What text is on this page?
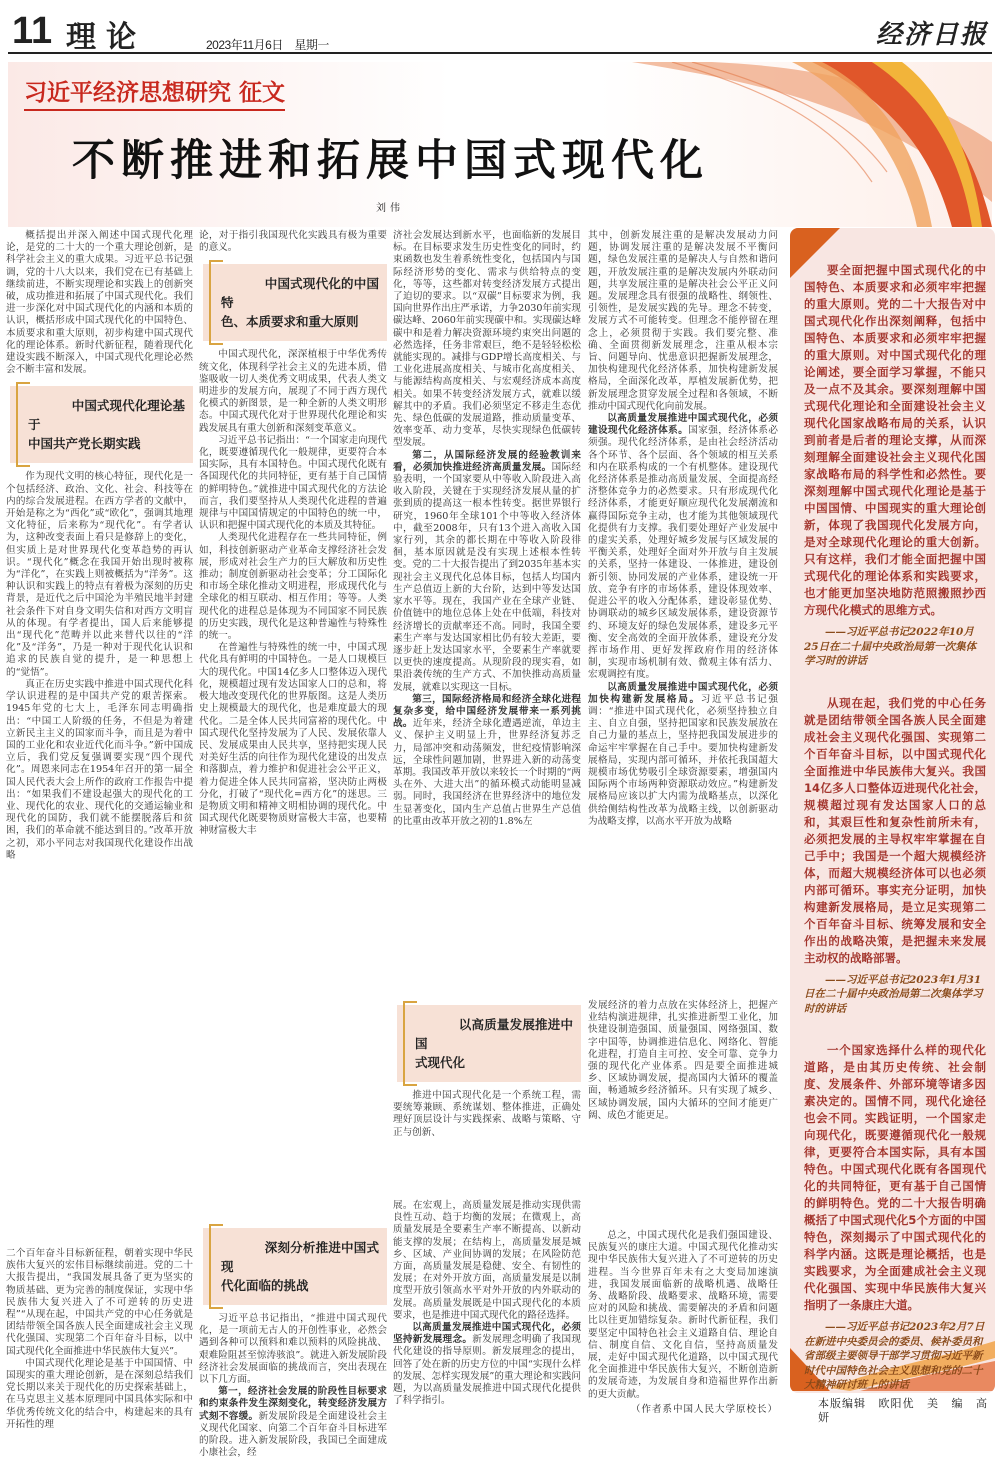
11 理论	2023年11月6日　星期一	经济日报
习近平经济思想研究 征文
不断推进和拓展中国式现代化
刘伟

概括提出并深入阐述中国式现代化理论，是党的二十大的一个重大理论创新，是科学社会主义的重大成果。习近平总书记强调，党的十八大以来，我们党在已有基础上继续前进，不断实现理论和实践上的创新突破，成功推进和拓展了中国式现代化。我们进一步深化对中国式现代化的内涵和本质的认识，概括形成中国式现代化的中国特色、本质要求和重大原则，初步构建中国式现代化的理论体系。新时代新征程，随着现代化建设实践不断深入，中国式现代化理论必然会不断丰富和发展。

中国式现代化理论基于
中国共产党长期实践

作为现代文明的核心特征，现代化是一个包括经济、政治、文化、社会、科技等在内的综合发展进程。在西方学者的文献中，开始是称之为“西化”或“欧化”，强调其地理文化特征，后来称为“现代化”。有学者认为，这种改变表面上看只是修辞上的变化，但实质上是对世界现代化变革趋势的再认识。“现代化”概念在我国开始出现时被称为“洋化”，在实践上则被概括为“洋务”。这种认识和实践上的特点有着极为深刻的历史背景，是近代之后中国沦为半殖民地半封建社会条件下对自身文明失信和对西方文明盲从的体现。有学者提出，国人后来能够提出“现代化”范畴并以此来替代以往的“洋化”及“洋务”，乃是一种对于现代化认识和追求的民族自觉的提升，是一种思想上的“觉悟”。

真正在历史实践中推进中国式现代化科学认识进程的是中国共产党的艰苦探索。1945年党的七大上，毛泽东同志明确指出：“中国工人阶级的任务，不但是为着建立新民主主义的国家而斗争，而且是为着中国的工业化和农业近代化而斗争。”新中国成立后，我们党反复强调要实现“四个现代化”。周恩来同志在1954年召开的第一届全国人民代表大会上所作的政府工作报告中提出：“如果我们不建设起强大的现代化的工业、现代化的农业、现代化的交通运输业和现代化的国防，我们就不能摆脱落后和贫困，我们的革命就不能达到目的。”改革开放之初，邓小平同志对我国现代化建设作出战略

二个百年奋斗目标新征程，朝着实现中华民族伟大复兴的宏伟目标继续前进。党的二十大报告提出，“我国发展具备了更为坚实的物质基础、更为完善的制度保证，实现中华民族伟大复兴进入了不可逆转的历史进程”“从现在起，中国共产党的中心任务就是团结带领全国各族人民全面建成社会主义现代化强国、实现第二个百年奋斗目标，以中国式现代化全面推进中华民族伟大复兴”。

中国式现代化理论是基于中国国情、中国现实的重大理论创新，是在深刻总结我们党长期以来关于现代化的历史探索基础上，在马克思主义基本原理同中国具体实际和中华优秀传统文化的结合中，构建起来的具有开拓性的理

论，对于指引我国现代化实践具有极为重要的意义。

中国式现代化的中国特
色、本质要求和重大原则

中国式现代化，深深植根于中华优秀传统文化，体现科学社会主义的先进本质，借鉴吸收一切人类优秀文明成果，代表人类文明进步的发展方向，展现了不同于西方现代化模式的新图景，是一种全新的人类文明形态。中国式现代化对于世界现代化理论和实践发展具有重大创新和深刻变革意义。

习近平总书记指出：“一个国家走向现代化，既要遵循现代化一般规律，更要符合本国实际，具有本国特色。中国式现代化既有各国现代化的共同特征，更有基于自己国情的鲜明特色。”就推进中国式现代化的方法论而言，我们要坚持从人类现代化进程的普遍规律与中国国情规定的中国特色的统一中，认识和把握中国式现代化的本质及其特征。

人类现代化进程存在一些共同特征，例如，科技创新驱动产业革命支撑经济社会发展，形成对社会生产力的巨大解放和历史性推动；制度创新驱动社会变革；分工国际化和市场全球化推动文明进程，形成现代化与全球化的相互联动、相互作用；等等。人类现代化的进程总是体现为不同国家不同民族的历史实践，现代化是这种普遍性与特殊性的统一。

在普遍性与特殊性的统一中，中国式现代化具有鲜明的中国特色。一是人口规模巨大的现代化。中国14亿多人口整体迈入现代化，规模超过现有发达国家人口的总和，将极大地改变现代化的世界版图。这是人类历史上规模最大的现代化，也是难度最大的现代化。二是全体人民共同富裕的现代化。中国式现代化坚持发展为了人民、发展依靠人民、发展成果由人民共享，坚持把实现人民对美好生活的向往作为现代化建设的出发点和落脚点，着力维护和促进社会公平正义，着力促进全体人民共同富裕，坚决防止两极分化，打破了“现代化=西方化”的迷思。三是物质文明和精神文明相协调的现代化。中国式现代化既要物质财富极大丰富，也要精神财富极大丰

深刻分析推进中国式现
代化面临的挑战

习近平总书记指出，“推进中国式现代化，是一项前无古人的开创性事业，必然会遇到各种可以预料和难以预料的风险挑战、艰难险阻甚至惊涛骇浪”。就进入新发展阶段经济社会发展面临的挑战而言，突出表现在以下几方面。

第一，经济社会发展的阶段性目标要求和约束条件发生深刻变化，转变经济发展方式刻不容缓。新发展阶段是全面建设社会主义现代化国家、向第二个百年奋斗目标进军的阶段。进入新发展阶段，我国已全面建成小康社会，经

济社会发展达到新水平，也面临新的发展目标。在目标要求发生历史性变化的同时，约束函数也发生着系统性变化，包括国内与国际经济形势的变化、需求与供给特点的变化，等等，这些都对转变经济发展方式提出了迫切的要求。以“双碳”目标要求为例，我国向世界作出庄严承诺，力争2030年前实现碳达峰、2060年前实现碳中和。实现碳达峰碳中和是着力解决资源环境约束突出问题的必然选择，任务非常艰巨，绝不是轻轻松松就能实现的。减排与GDP增长高度相关、与工业化进展高度相关、与城市化高度相关、与能源结构高度相关、与宏观经济成本高度相关。如果不转变经济发展方式，就难以缓解其中的矛盾。我们必须坚定不移走生态优先、绿色低碳的发展道路，推动质量变革、效率变革、动力变革，尽快实现绿色低碳转型发展。

第二，从国际经济发展的经验教训来看，必须加快推进经济高质量发展。国际经验表明，一个国家要从中等收入阶段进入高收入阶段，关键在于实现经济发展从量的扩张到质的提高这一根本性转变。据世界银行研究，1960年全球101个中等收入经济体中，截至2008年，只有13个进入高收入国家行列，其余的都长期在中等收入阶段徘徊，基本原因就是没有实现上述根本性转变。党的二十大报告提出了到2035年基本实现社会主义现代化总体目标，包括人均国内生产总值迈上新的大台阶，达到中等发达国家水平等。现在，我国产业在全球产业链、价值链中的地位总体上处在中低端，科技对经济增长的贡献率还不高。同时，我国全要素生产率与发达国家相比仍有较大差距，要逐步赶上发达国家水平，全要素生产率就要以更快的速度提高。从现阶段的现实看，如果沿袭传统的生产方式、不加快推动高质量发展，就难以实现这一目标。

第三，国际经济格局和经济全球化进程复杂多变，给中国经济发展带来一系列挑战。近年来，经济全球化遭遇逆流，单边主义、保护主义明显上升，世界经济复苏乏力，局部冲突和动荡频发，世纪疫情影响深远，全球性问题加剧，世界进入新的动荡变革期。我国改革开放以来较长一个时期的“两头在外、大进大出”的循环模式动能明显减弱。同时，我国经济在世界经济中的地位发生显著变化，国内生产总值占世界生产总值的比重由改革开放之初的1.8%左

以高质量发展推进中国
式现代化

推进中国式现代化是一个系统工程，需要统筹兼顾、系统谋划、整体推进，正确处理好顶层设计与实践探索、战略与策略、守正与创新、

展。在宏观上，高质量发展是推动实现供需良性互动、趋于均衡的发展；在微观上，高质量发展是全要素生产率不断提高、以新动能支撑的发展；在结构上，高质量发展是城乡、区域、产业间协调的发展；在风险防范方面，高质量发展是稳健、安全、有韧性的发展；在对外开放方面，高质量发展是以制度型开放引领高水平对外开放的内外联动的发展。高质量发展既是中国式现代化的本质要求，也是推进中国式现代化的路径选择。

以高质量发展推进中国式现代化，必须坚持新发展理念。新发展理念明确了我国现代化建设的指导原则。新发展理念的提出，回答了处在新的历史方位的中国“实现什么样的发展、怎样实现发展”的重大理论和实践问题，为以高质量发展推进中国式现代化提供了科学指引。

其中，创新发展注重的是解决发展动力问题，协调发展注重的是解决发展不平衡问题，绿色发展注重的是解决人与自然和谐问题，开放发展注重的是解决发展内外联动问题，共享发展注重的是解决社会公平正义问题。发展理念具有很强的战略性、纲领性、引领性，是发展实践的先导。理念不转变，发展方式不可能转变。但理念不能停留在理念上，必须贯彻于实践。我们要完整、准确、全面贯彻新发展理念，注重从根本宗旨、问题导向、忧患意识把握新发展理念，加快构建现代化经济体系，加快构建新发展格局，全面深化改革，厚植发展新优势，把新发展理念贯穿发展全过程和各领域，不断推动中国式现代化向前发展。

以高质量发展推进中国式现代化，必须建设现代化经济体系。国家强，经济体系必须强。现代化经济体系，是由社会经济活动各个环节、各个层面、各个领域的相互关系和内在联系构成的一个有机整体。建设现代化经济体系是推动高质量发展、全面提高经济整体竞争力的必然要求。只有形成现代化经济体系，才能更好顺应现代化发展潮流和赢得国际竞争主动，也才能为其他领域现代化提供有力支撑。我们要处理好产业发展中的虚实关系，处理好城乡发展与区域发展的平衡关系，处理好全面对外开放与自主发展的关系，坚持一体建设、一体推进，建设创新引领、协同发展的产业体系，建设统一开放、竞争有序的市场体系，建设体现效率、促进公平的收入分配体系，建设彰显优势、协调联动的城乡区域发展体系，建设资源节约、环境友好的绿色发展体系，建设多元平衡、安全高效的全面开放体系，建设充分发挥市场作用、更好发挥政府作用的经济体制，实现市场机制有效、微观主体有活力、宏观调控有度。

以高质量发展推进中国式现代化，必须加快构建新发展格局。习近平总书记强调：“推进中国式现代化，必须坚持独立自主、自立自强，坚持把国家和民族发展放在自己力量的基点上，坚持把我国发展进步的命运牢牢掌握在自己手中。要加快构建新发展格局，实现内部可循环，并依托我国超大规模市场优势吸引全球资源要素，增强国内国际两个市场两种资源联动效应。”构建新发展格局应该以扩大内需为战略基点，以深化供给侧结构性改革为战略主线，以创新驱动为战略支撑，以高水平开放为战略

发展经济的着力点放在实体经济上，把握产业结构演进规律，扎实推进新型工业化，加快建设制造强国、质量强国、网络强国、数字中国等，协调推进信息化、网络化、智能化进程，打造自主可控、安全可靠、竞争力强的现代化产业体系。四是要全面推进城乡、区域协调发展，提高国内大循环的覆盖面，畅通城乡经济循环。只有实现了城乡、区域协调发展，国内大循环的空间才能更广阔、成色才能更足。

总之，中国式现代化是我们强国建设、民族复兴的康庄大道。中国式现代化推动实现中华民族伟大复兴进入了不可逆转的历史进程。当今世界百年未有之大变局加速演进，我国发展面临新的战略机遇、战略任务、战略阶段、战略要求、战略环境，需要应对的风险和挑战、需要解决的矛盾和问题比以往更加错综复杂。新时代新征程，我们要坚定中国特色社会主义道路自信、理论自信、制度自信、文化自信，坚持高质量发展，走好中国式现代化道路，以中国式现代化全面推进中华民族伟大复兴，不断创造新的发展奇迹，为发展自身和造福世界作出新的更大贡献。

（作者系中国人民大学原校长）
要全面把握中国式现代化的中国特色、本质要求和必须牢牢把握的重大原则。党的二十大报告对中国式现代化作出深刻阐释，包括中国特色、本质要求和必须牢牢把握的重大原则。对中国式现代化的理论阐述，要全面学习掌握，不能只及一点不及其余。要深刻理解中国式现代化理论和全面建设社会主义现代化国家战略布局的关系，认识到前者是后者的理论支撑，从而深刻理解全面建设社会主义现代化国家战略布局的科学性和必然性。要深刻理解中国式现代化理论是基于中国国情、中国现实的重大理论创新，体现了我国现代化发展方向，是对全球现代化理论的重大创新。只有这样，我们才能全面把握中国式现代化的理论体系和实践要求，也才能更加坚决地防范照搬照抄西方现代化模式的思维方式。
——习近平总书记2022年10月25日在二十届中央政治局第一次集体学习时的讲话
从现在起，我们党的中心任务就是团结带领全国各族人民全面建成社会主义现代化强国、实现第二个百年奋斗目标，以中国式现代化全面推进中华民族伟大复兴。我国14亿多人口整体迈进现代化社会，规模超过现有发达国家人口的总和，其艰巨性和复杂性前所未有，必须把发展的主导权牢牢掌握在自己手中；我国是一个超大规模经济体，而超大规模经济体可以也必须内部可循环。事实充分证明，加快构建新发展格局，是立足实现第二个百年奋斗目标、统筹发展和安全作出的战略决策，是把握未来发展主动权的战略部署。
——习近平总书记2023年1月31日在二十届中央政治局第二次集体学习时的讲话
一个国家选择什么样的现代化道路，是由其历史传统、社会制度、发展条件、外部环境等诸多因素决定的。国情不同，现代化途径也会不同。实践证明，一个国家走向现代化，既要遵循现代化一般规律，更要符合本国实际，具有本国特色。中国式现代化既有各国现代化的共同特征，更有基于自己国情的鲜明特色。党的二十大报告明确概括了中国式现代化5个方面的中国特色，深刻揭示了中国式现代化的科学内涵。这既是理论概括，也是实践要求，为全面建成社会主义现代化强国、实现中华民族伟大复兴指明了一条康庄大道。
——习近平总书记2023年2月7日在新进中央委员会的委员、候补委员和省部级主要领导干部学习贯彻习近平新时代中国特色社会主义思想和党的二十大精神研讨班上的讲话
本版编辑 欧阳优 美 编 高 妍
